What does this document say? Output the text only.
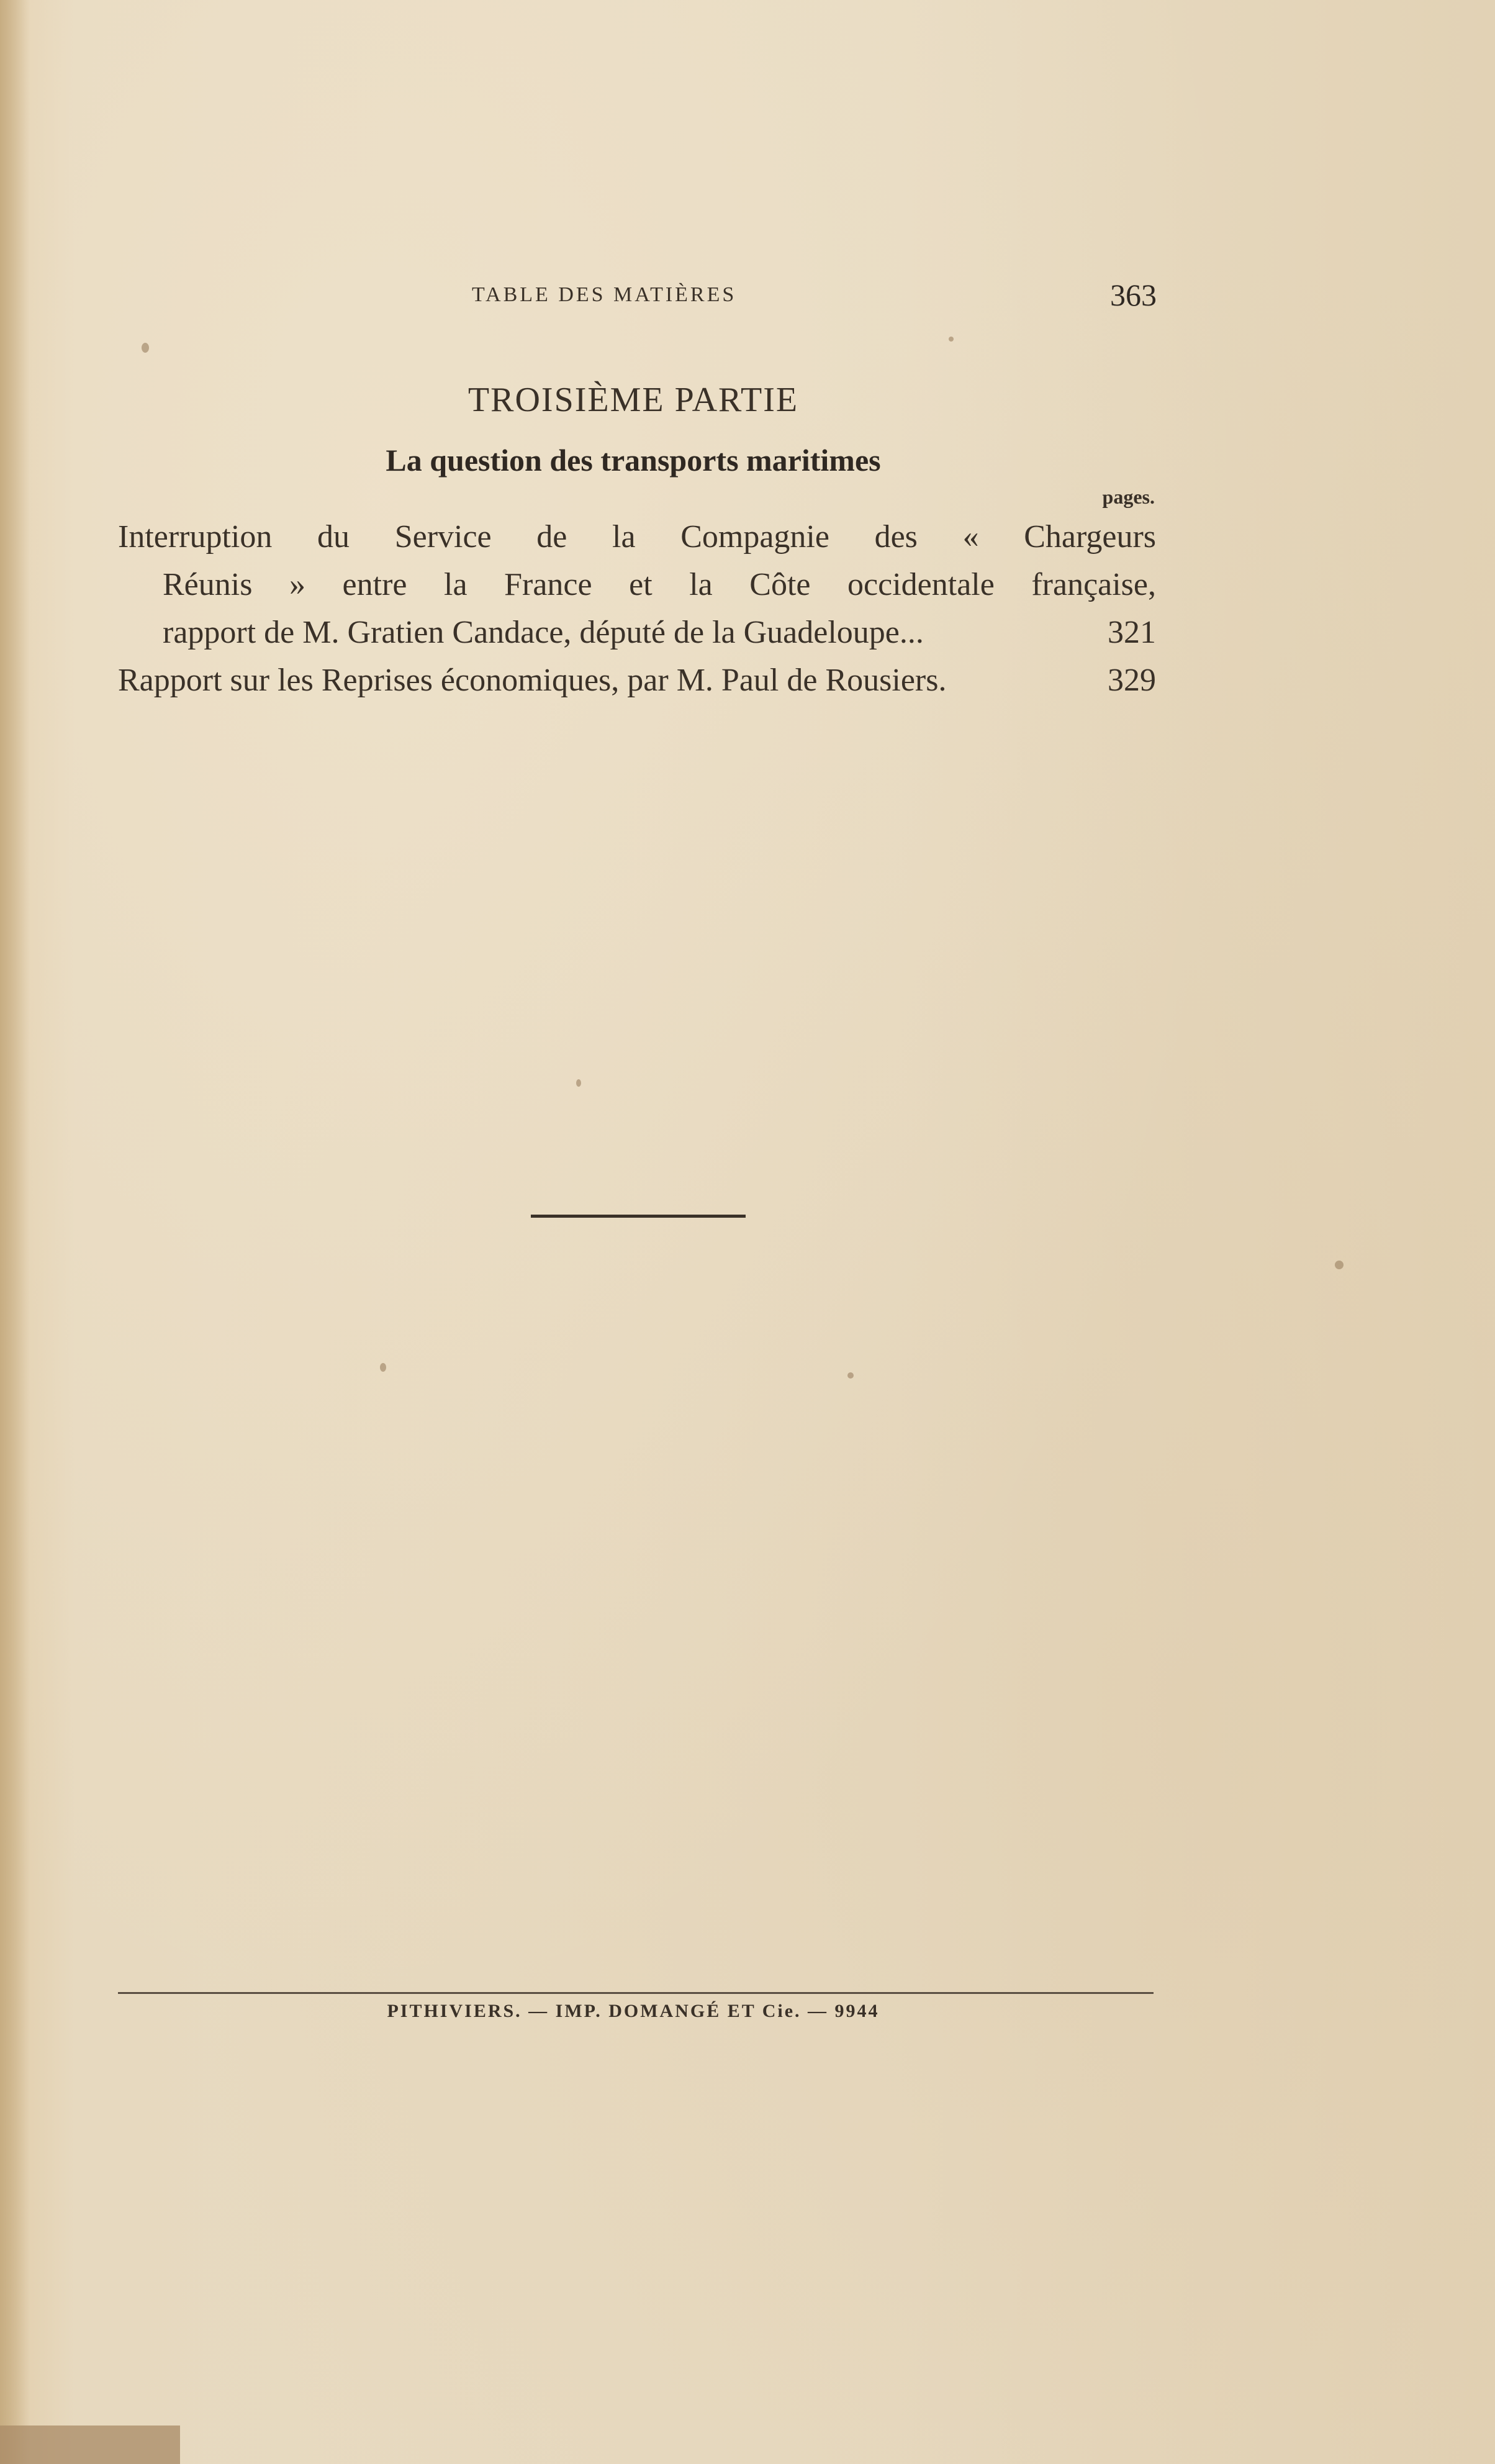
TABLE DES MATIÈRES	363
TROISIÈME PARTIE
La question des transports maritimes
pages.
Interruption du Service de la Compagnie des « Chargeurs
Réunis » entre la France et la Côte occidentale française,
rapport de M. Gratien Candace, député de la Guadeloupe...	321
Rapport sur les Reprises économiques, par M. Paul de Rousiers.	329
PITHIVIERS. — IMP. DOMANGÉ ET Cie. — 9944
